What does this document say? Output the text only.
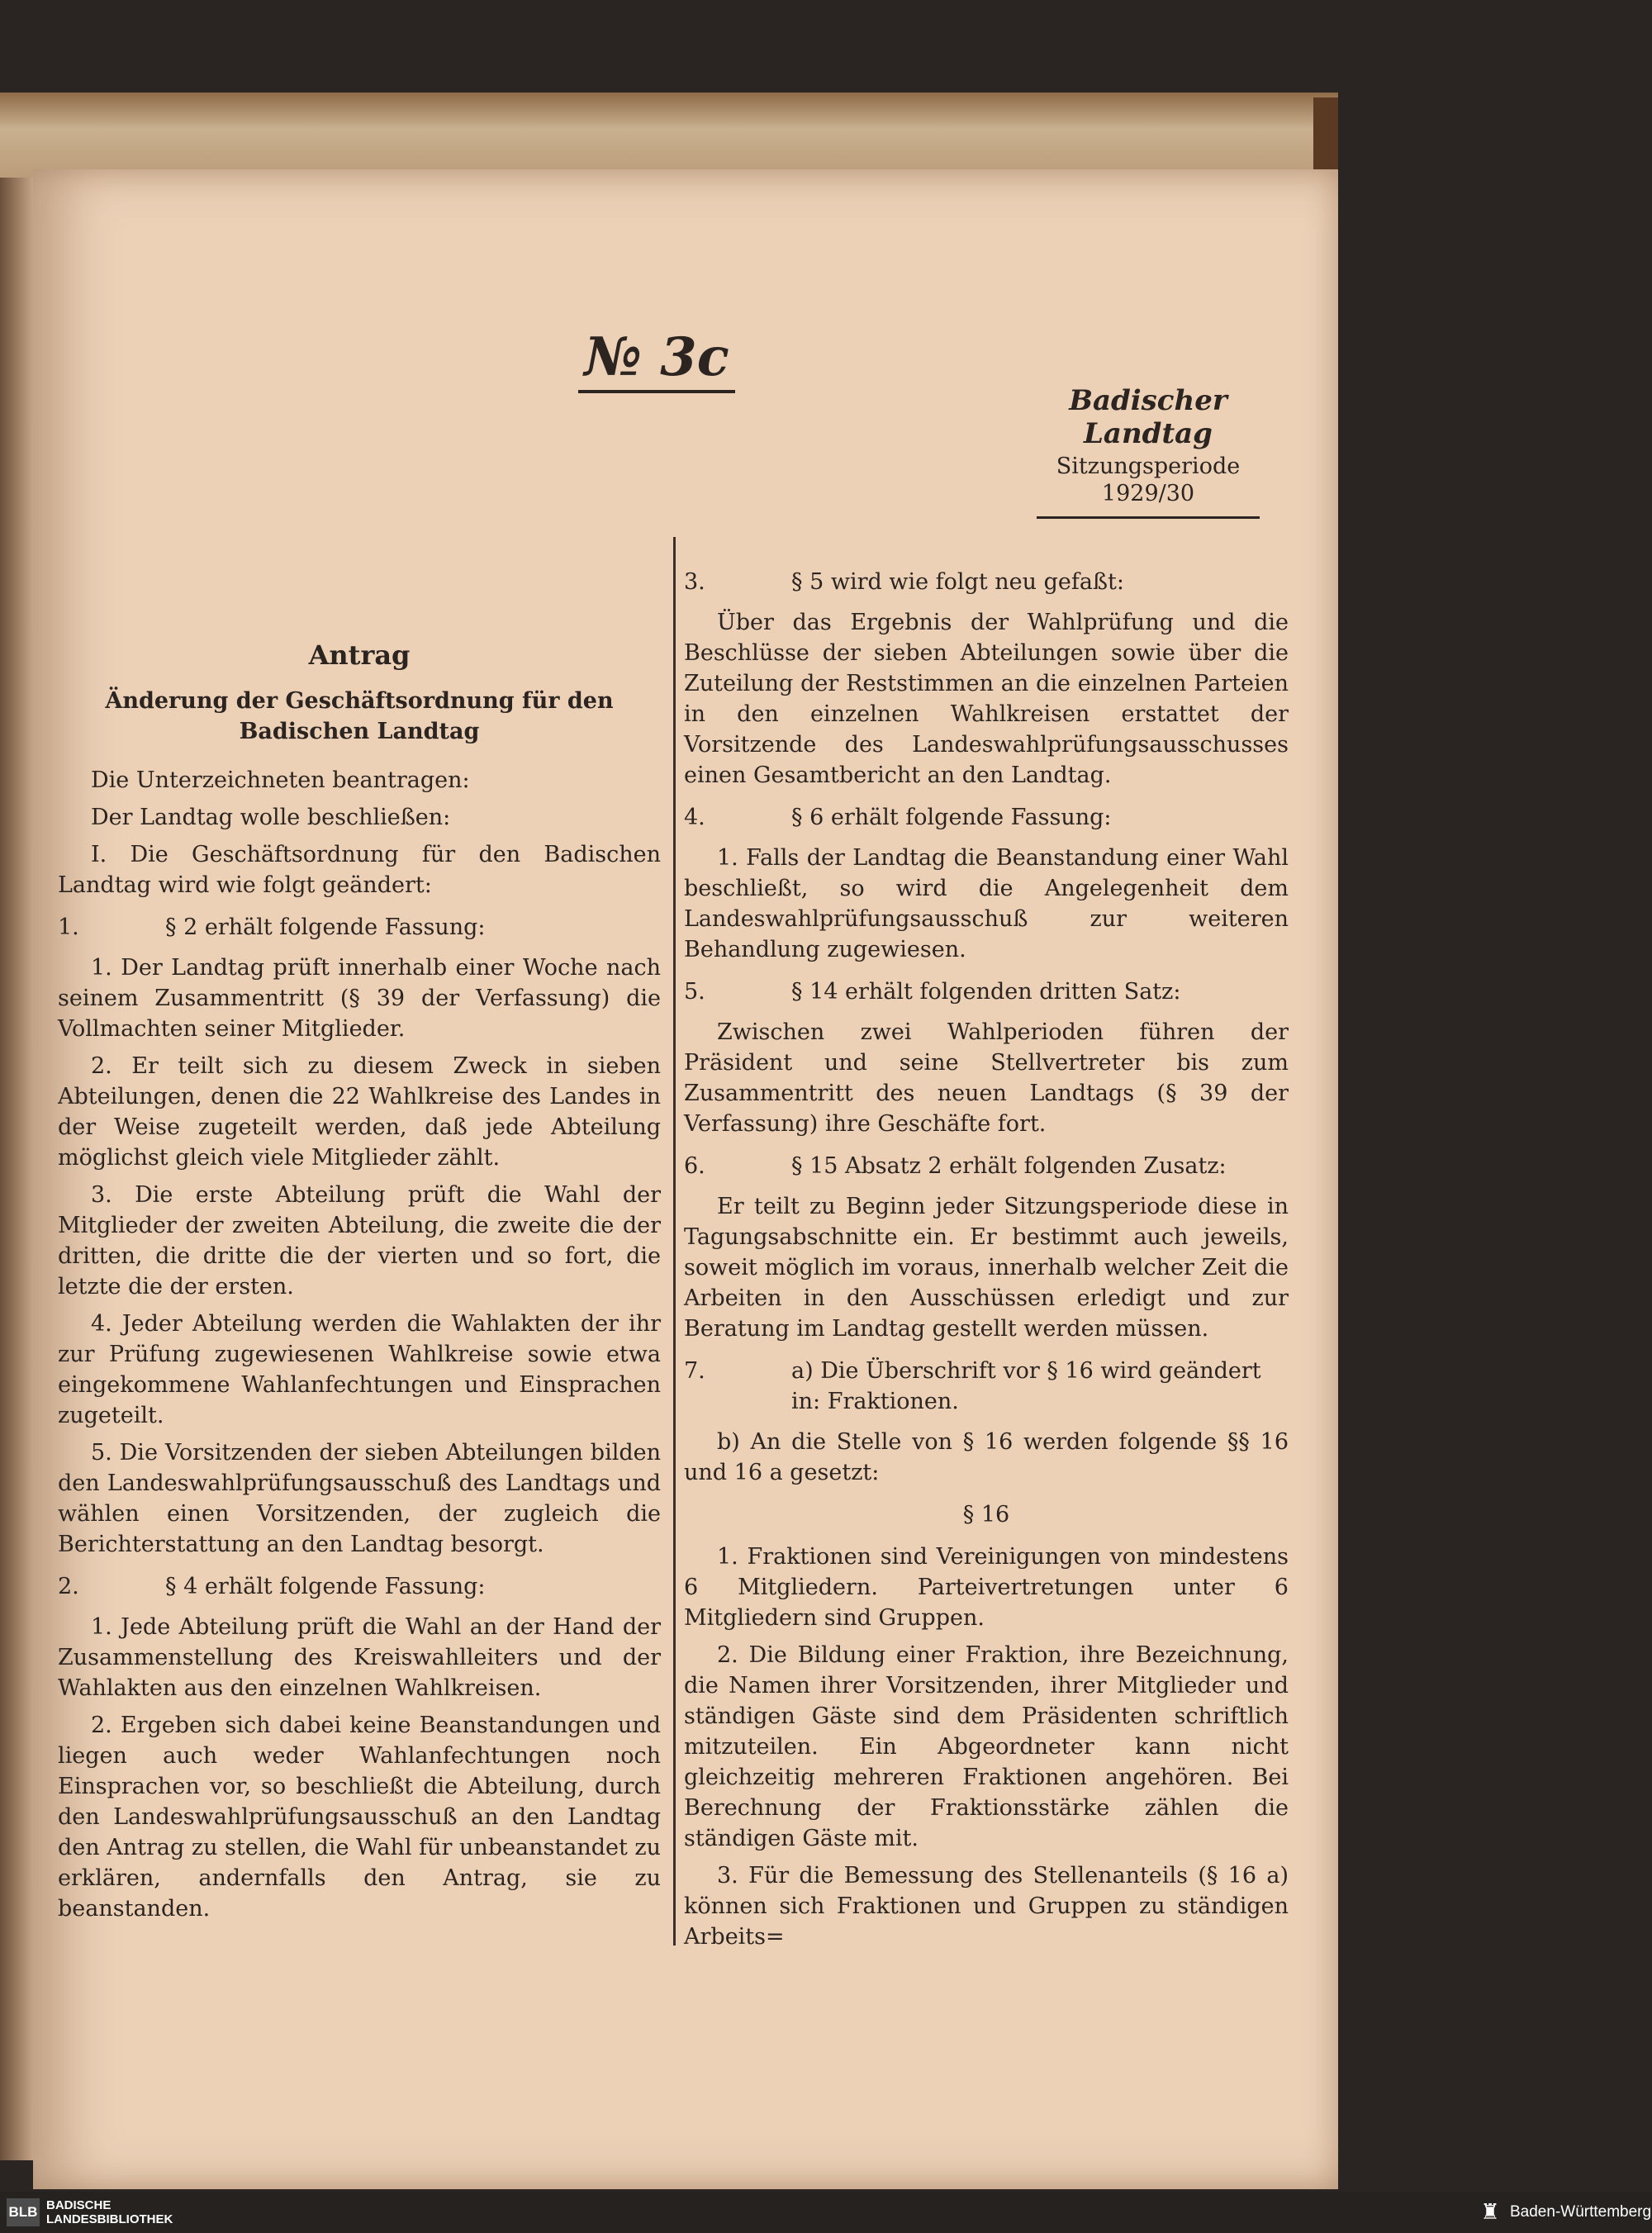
№ 3c
Badischer Landtag
Sitzungsperiode
1929/30
Antrag
Änderung der Geschäftsordnung für den Badischen Landtag

Die Unterzeichneten beantragen:

Der Landtag wolle beschließen:

I. Die Geschäftsordnung für den Badischen Landtag wird wie folgt geändert:

1.	§ 2 erhält folgende Fassung:

1. Der Landtag prüft innerhalb einer Woche nach seinem Zusammentritt (§ 39 der Verfassung) die Vollmachten seiner Mitglieder.

2. Er teilt sich zu diesem Zweck in sieben Abteilungen, denen die 22 Wahlkreise des Landes in der Weise zugeteilt werden, daß jede Abteilung möglichst gleich viele Mitglieder zählt.

3. Die erste Abteilung prüft die Wahl der Mitglieder der zweiten Abteilung, die zweite die der dritten, die dritte die der vierten und so fort, die letzte die der ersten.

4. Jeder Abteilung werden die Wahlakten der ihr zur Prüfung zugewiesenen Wahlkreise sowie etwa eingekommene Wahlanfechtungen und Einsprachen zugeteilt.

5. Die Vorsitzenden der sieben Abteilungen bilden den Landeswahlprüfungsausschuß des Landtags und wählen einen Vorsitzenden, der zugleich die Berichterstattung an den Landtag besorgt.

2.	§ 4 erhält folgende Fassung:

1. Jede Abteilung prüft die Wahl an der Hand der Zusammenstellung des Kreiswahlleiters und der Wahlakten aus den einzelnen Wahlkreisen.

2. Ergeben sich dabei keine Beanstandungen und liegen auch weder Wahlanfechtungen noch Einsprachen vor, so beschließt die Abteilung, durch den Landeswahlprüfungsausschuß an den Landtag den Antrag zu stellen, die Wahl für unbeanstandet zu erklären, andernfalls den Antrag, sie zu beanstanden.

3.	§ 5 wird wie folgt neu gefaßt:

Über das Ergebnis der Wahlprüfung und die Beschlüsse der sieben Abteilungen sowie über die Zuteilung der Reststimmen an die einzelnen Parteien in den einzelnen Wahlkreisen erstattet der Vorsitzende des Landeswahlprüfungsausschusses einen Gesamtbericht an den Landtag.

4.	§ 6 erhält folgende Fassung:

1. Falls der Landtag die Beanstandung einer Wahl beschließt, so wird die Angelegenheit dem Landeswahlprüfungsausschuß zur weiteren Behandlung zugewiesen.

5.	§ 14 erhält folgenden dritten Satz:

Zwischen zwei Wahlperioden führen der Präsident und seine Stellvertreter bis zum Zusammentritt des neuen Landtags (§ 39 der Verfassung) ihre Geschäfte fort.

6.	§ 15 Absatz 2 erhält folgenden Zusatz:

Er teilt zu Beginn jeder Sitzungsperiode diese in Tagungsabschnitte ein. Er bestimmt auch jeweils, soweit möglich im voraus, innerhalb welcher Zeit die Arbeiten in den Ausschüssen erledigt und zur Beratung im Landtag gestellt werden müssen.

7.	a) Die Überschrift vor § 16 wird geändert in: Fraktionen.

b) An die Stelle von § 16 werden folgende §§ 16 und 16 a gesetzt:

§ 16

1. Fraktionen sind Vereinigungen von mindestens 6 Mitgliedern. Parteivertretungen unter 6 Mitgliedern sind Gruppen.

2. Die Bildung einer Fraktion, ihre Bezeichnung, die Namen ihrer Vorsitzenden, ihrer Mitglieder und ständigen Gäste sind dem Präsidenten schriftlich mitzuteilen. Ein Abgeordneter kann nicht gleichzeitig mehreren Fraktionen angehören. Bei Berechnung der Fraktionsstärke zählen die ständigen Gäste mit.

3. Für die Bemessung des Stellenanteils (§ 16 a) können sich Fraktionen und Gruppen zu ständigen Arbeits=

BLB BADISCHE
LANDESBIBLIOTHEK	♜ Baden-Württemberg
